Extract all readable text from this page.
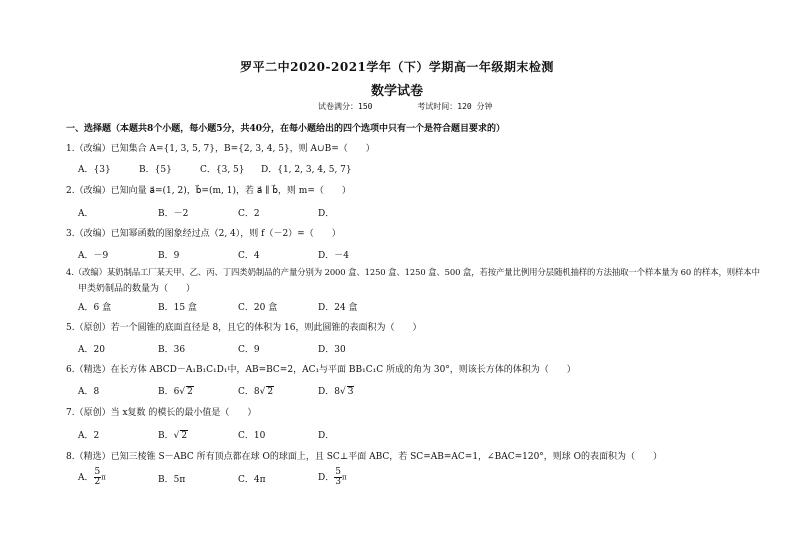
罗平二中2020-2021学年（下）学期高一年级期末检测
数学试卷
试卷满分：150	考试时间：120 分钟
一、选择题（本题共8个小题，每小题5分，共40分，在每小题给出的四个选项中只有一个是符合题目要求的）
1.（改编）已知集合 A={1, 3, 5, 7}，B={2, 3, 4, 5}，则 A∪B=（　　）
A．{3}	B．{5}	C．{3, 5} D．{1, 2, 3, 4, 5, 7}
2.（改编）已知向量 a⃗=(1, 2)，b⃗=(m, 1)，若 a⃗ ∥ b⃗，则 m=（　　）
A．	B．－2	C．2	D．
3.（改编）已知幂函数的图象经过点（2, 4），则 f（－2）=（　　）
A．－9	B．9	C．4	D．－4
4.（改编）某奶制品工厂某天甲、乙、丙、丁四类奶制品的产量分别为 2000 盒、1250 盒、1250 盒、500 盒，若按产量比例用分层随机抽样的方法抽取一个样本量为 60 的样本，则样本中
甲类奶制品的数量为（　　）
A．6 盒	B．15 盒	C．20 盒	D．24 盒
5.（原创）若一个圆锥的底面直径是 8，且它的体积为 16，则此圆锥的表面积为（　　）
A．20	B．36	C．9	D．30
6.（精选）在长方体 ABCD－A₁B₁C₁D₁中，AB=BC=2，AC₁与平面 BB₁C₁C 所成的角为 30°，则该长方体的体积为（　　）
A．8	B．6√ 2	C．8√ 2	D．8√ 3
7.（原创）当 x复数 的模长的最小值是（　　）
A．2	B．√ 2	C．10	D．
8.（精选）已知三棱锥 S－ABC 所有顶点都在球 O的球面上，且 SC⊥平面 ABC，若 SC=AB=AC=1，∠BAC=120°，则球 O的表面积为（　　）
A． $\frac{5}{2}$ π	B．5π	C．4π	D． $\frac{5}{3}$ π
